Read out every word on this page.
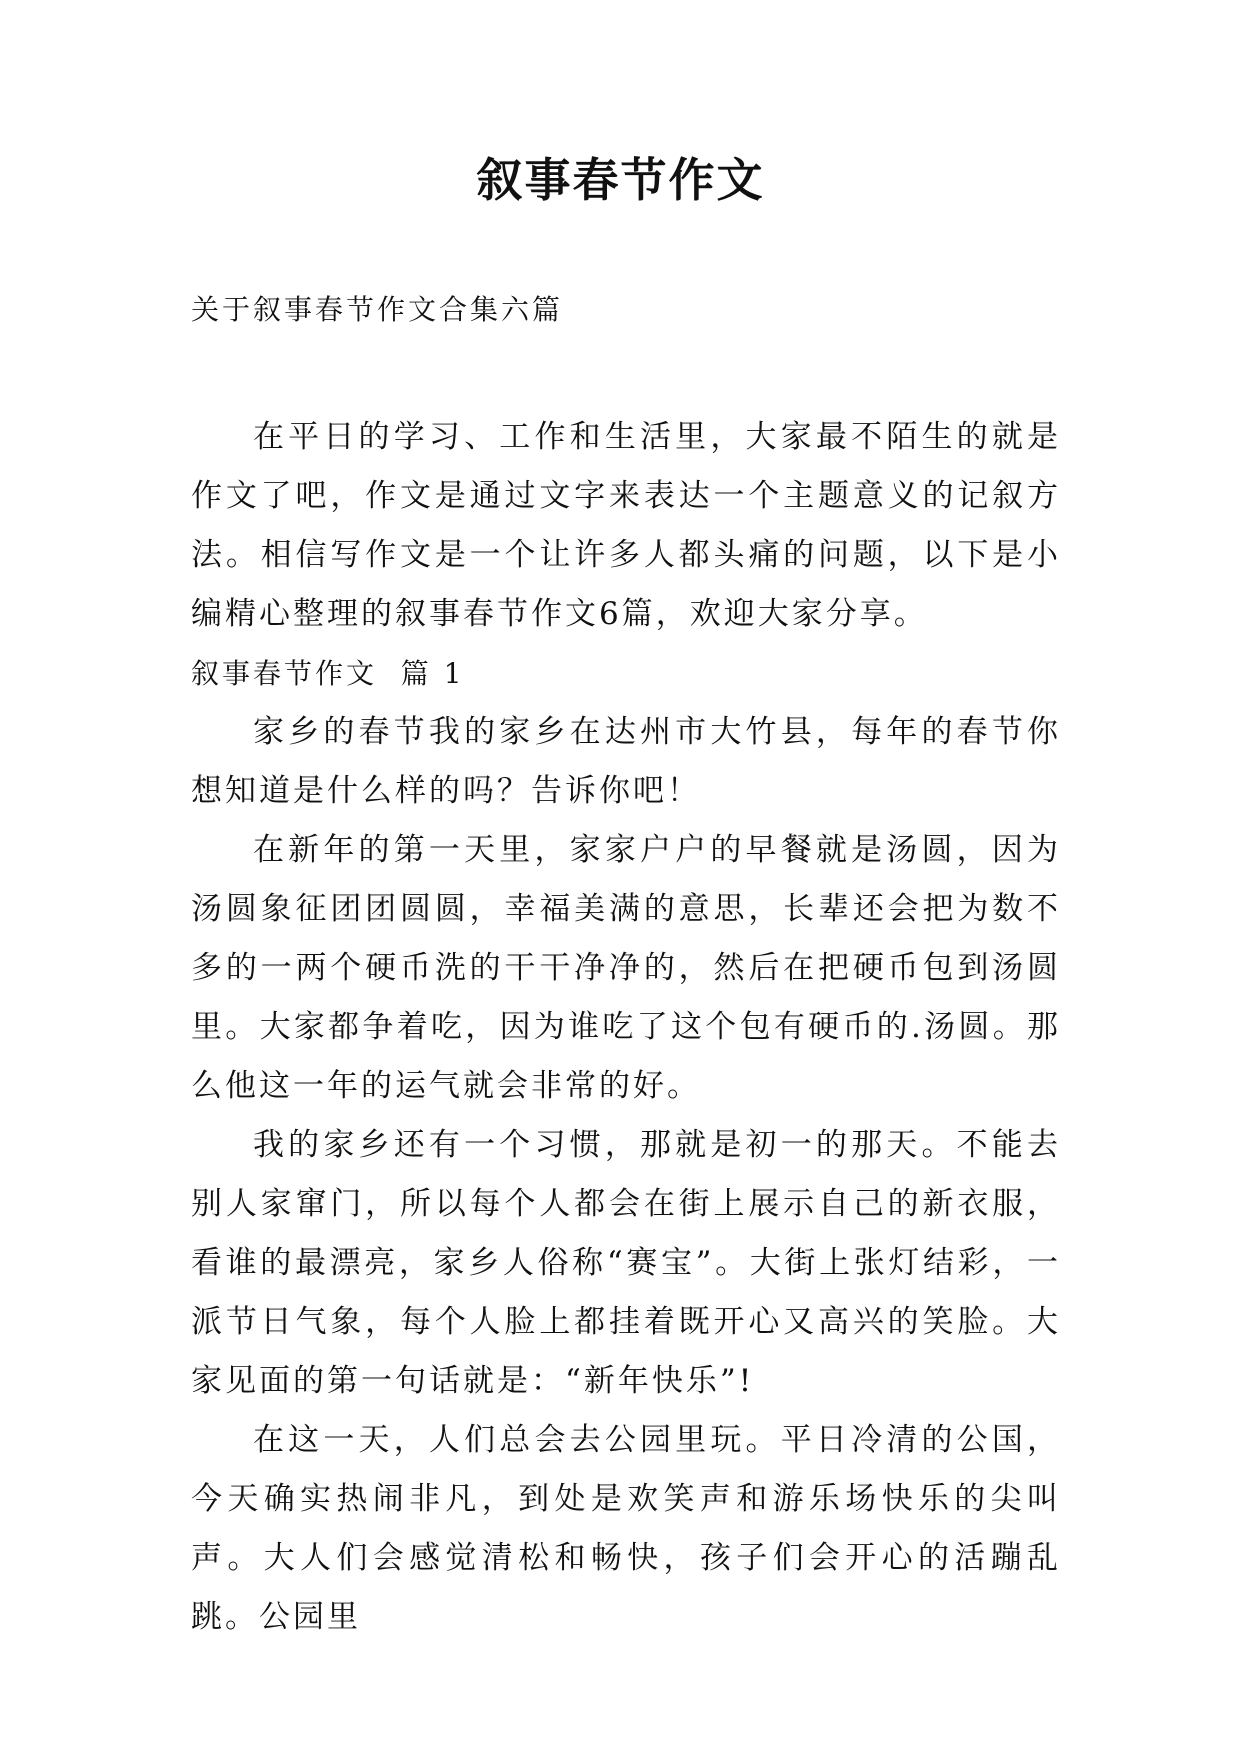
叙事春节作文

关于叙事春节作文合集六篇

在平日的学习、工作和生活里，大家最不陌生的就是作文了吧，作文是通过文字来表达一个主题意义的记叙方法。相信写作文是一个让许多人都头痛的问题，以下是小编精心整理的叙事春节作文6篇，欢迎大家分享。

叙事春节作文  篇 1

家乡的春节我的家乡在达州市大竹县，每年的春节你想知道是什么样的吗？告诉你吧！

在新年的第一天里，家家户户的早餐就是汤圆，因为汤圆象征团团圆圆，幸福美满的意思，长辈还会把为数不多的一两个硬币洗的干干净净的，然后在把硬币包到汤圆里。大家都争着吃，因为谁吃了这个包有硬币的.汤圆。那么他这一年的运气就会非常的好。

我的家乡还有一个习惯，那就是初一的那天。不能去别人家窜门，所以每个人都会在街上展示自己的新衣服，看谁的最漂亮，家乡人俗称“赛宝”。大街上张灯结彩，一派节日气象，每个人脸上都挂着既开心又高兴的笑脸。大家见面的第一句话就是：“新年快乐”!

在这一天，人们总会去公园里玩。平日冷清的公国，今天确实热闹非凡，到处是欢笑声和游乐场快乐的尖叫声。大人们会感觉清松和畅快，孩子们会开心的活蹦乱跳。公园里
